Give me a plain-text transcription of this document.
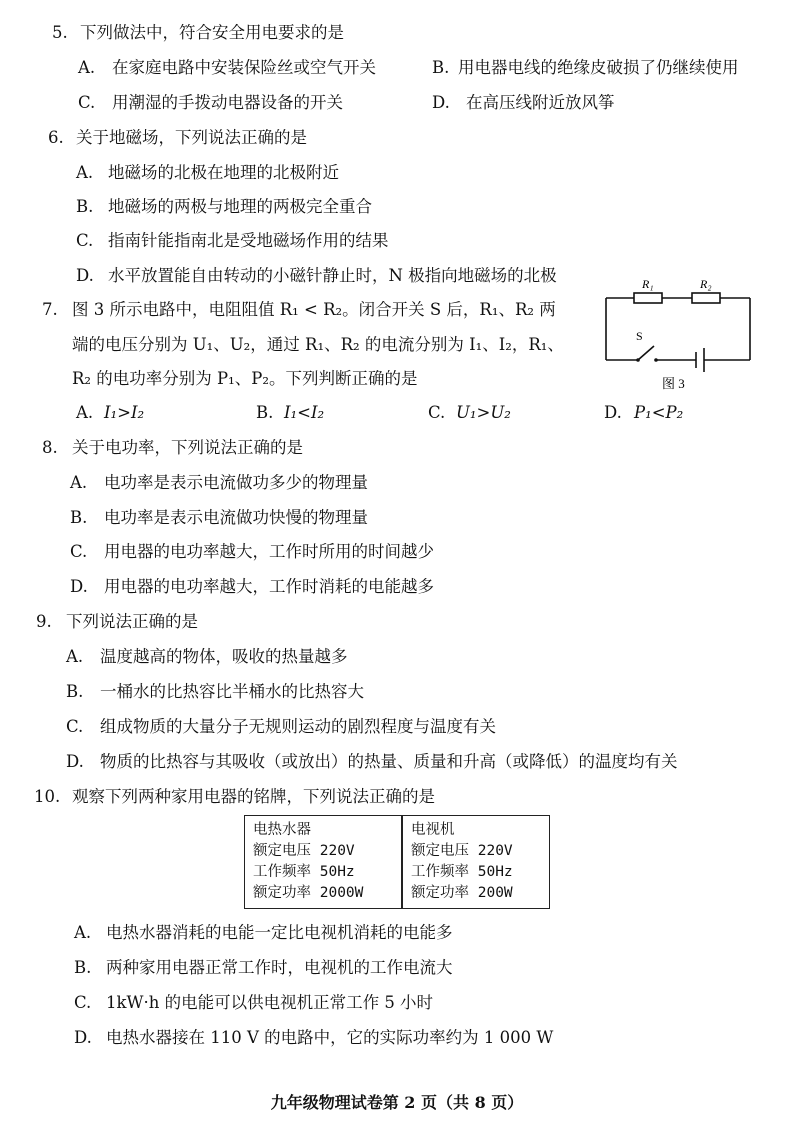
5. 下列做法中，符合安全用电要求的是
A. 在家庭电路中安装保险丝或空气开关	B. 用电器电线的绝缘皮破损了仍继续使用
C. 用潮湿的手拨动电器设备的开关	D. 在高压线附近放风筝
6. 关于地磁场，下列说法正确的是
A. 地磁场的北极在地理的北极附近
B. 地磁场的两极与地理的两极完全重合
C. 指南针能指南北是受地磁场作用的结果
D. 水平放置能自由转动的小磁针静止时，N 极指向地磁场的北极
7. 图 3 所示电路中，电阻阻值 R₁ < R₂。闭合开关 S 后，R₁、R₂ 两
端的电压分别为 U₁、U₂，通过 R₁、R₂ 的电流分别为 I₁、I₂，R₁、
R₂ 的电功率分别为 P₁、P₂。下列判断正确的是
R₁	R₂
S
图 3
A. I₁>I₂	B. I₁<I₂	C. U₁>U₂	D. P₁<P₂
8. 关于电功率，下列说法正确的是
A. 电功率是表示电流做功多少的物理量
B. 电功率是表示电流做功快慢的物理量
C. 用电器的电功率越大，工作时所用的时间越少
D. 用电器的电功率越大，工作时消耗的电能越多
9. 下列说法正确的是
A. 温度越高的物体，吸收的热量越多
B. 一桶水的比热容比半桶水的比热容大
C. 组成物质的大量分子无规则运动的剧烈程度与温度有关
D. 物质的比热容与其吸收（或放出）的热量、质量和升高（或降低）的温度均有关
10. 观察下列两种家用电器的铭牌，下列说法正确的是
电热水器
额定电压 220V
工作频率 50Hz
额定功率 2000W
电视机
额定电压 220V
工作频率 50Hz
额定功率 200W
A. 电热水器消耗的电能一定比电视机消耗的电能多
B. 两种家用电器正常工作时，电视机的工作电流大
C. 1kW·h 的电能可以供电视机正常工作 5 小时
D. 电热水器接在 110 V 的电路中，它的实际功率约为 1 000 W
九年级物理试卷第 2 页（共 8 页）
